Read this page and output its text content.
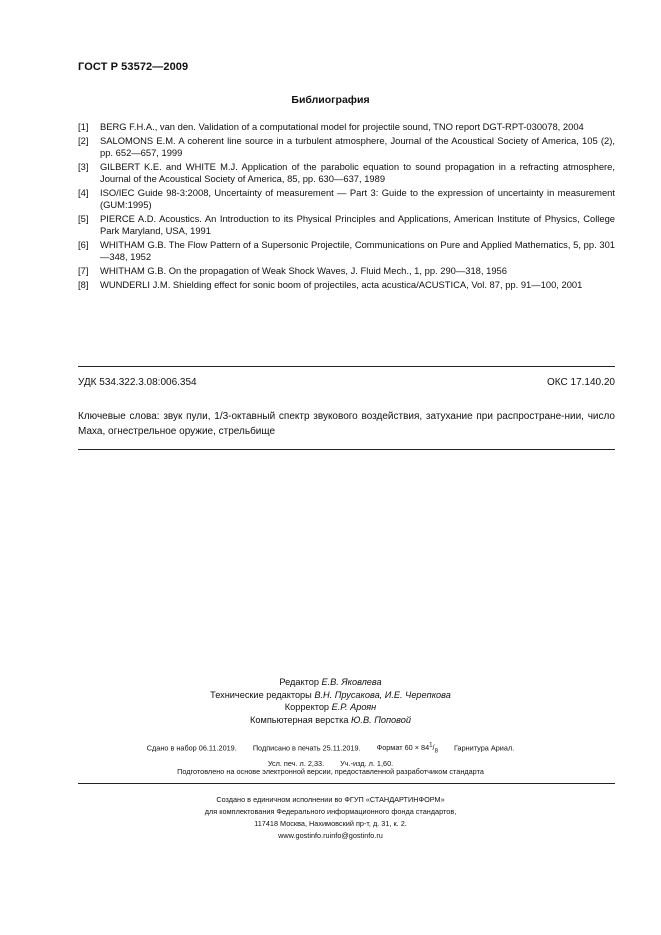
ГОСТ Р 53572—2009
Библиография
[1]	BERG F.H.A., van den. Validation of a computational model for projectile sound, TNO report DGT-RPT-030078, 2004
[2]	SALOMONS E.M. A coherent line source in a turbulent atmosphere, Journal of the Acoustical Society of America, 105 (2), pp. 652—657, 1999
[3]	GILBERT K.E. and WHITE M.J. Application of the parabolic equation to sound propagation in a refracting atmosphere, Journal of the Acoustical Society of America, 85, pp. 630—637, 1989
[4]	ISO/IEC Guide 98-3:2008, Uncertainty of measurement — Part 3: Guide to the expression of uncertainty in measurement (GUM:1995)
[5]	PIERCE A.D. Acoustics. An Introduction to its Physical Principles and Applications, American Institute of Physics, College Park Maryland, USA, 1991
[6]	WHITHAM G.B. The Flow Pattern of a Supersonic Projectile, Communications on Pure and Applied Mathematics, 5, pp. 301—348, 1952
[7]	WHITHAM G.B. On the propagation of Weak Shock Waves, J. Fluid Mech., 1, pp. 290—318, 1956
[8]	WUNDERLI J.M. Shielding effect for sonic boom of projectiles, acta acustica/ACUSTICA, Vol. 87, pp. 91—100, 2001
УДК 534.322.3.08:006.354	ОКС 17.140.20
Ключевые слова: звук пули, 1/3-октавный спектр звукового воздействия, затухание при распростране-нии, число Маха, огнестрельное оружие, стрельбище
Редактор Е.В. Яковлева
Технические редакторы В.Н. Прусакова, И.Е. Черепкова
Корректор Е.Р. Ароян
Компьютерная верстка Ю.В. Поповой
Сдано в набор 06.11.2019. Подписано в печать 25.11.2019. Формат $60 \times 84^1/_8$ Гарнитура Ариал.
Усл. печ. л. 2,33. Уч.-изд. л. 1,60.
Подготовлено на основе электронной версии, предоставленной разработчиком стандарта
Создано в единичном исполнении во ФГУП «СТАНДАРТИНФОРМ»
для комплектования Федерального информационного фонда стандартов,
117418 Москва, Нахимовский пр-т, д. 31, к. 2.
www.gostinfo.ruinfo@gostinfo.ru
